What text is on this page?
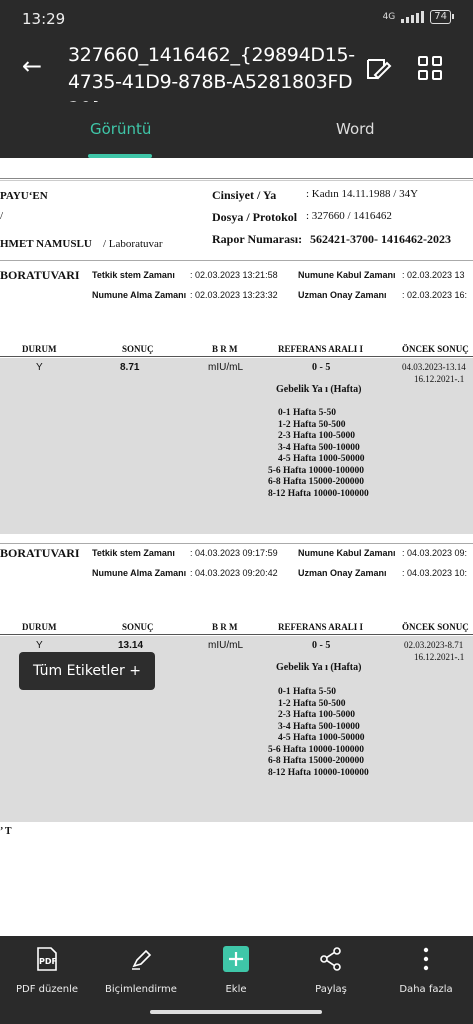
13:29	4G	74
← 327660_1416462_{29894D15-4735-41D9-878B-A5281803FD
Görüntü	Word
PAYU‘EN
/
HMET NAMUSLU / Laboratuvar
Cinsiyet / Ya	: Kadın 14.11.1988 / 34Y
Dosya / Protokol : 327660 / 1416462
Rapor Numarası: 562421-3700- 1416462-2023
BORATUVARI Tetkik stem Zamanı : 02.03.2023 13:21:58 Numune Kabul Zamanı : 02.03.2023 13
Numune Alma Zamanı : 02.03.2023 13:23:32 Uzman Onay Zamanı : 02.03.2023 16:
DURUM	SONUÇ	B R M	REFERANS ARALI I	ÖNCEK SONUÇ
Y	8.71	mIU/mL	0 - 5	04.03.2023-13.14
16.12.2021-.1
Gebelik Ya ı (Hafta)
0-1 Hafta 5-50
1-2 Hafta 50-500
2-3 Hafta 100-5000
3-4 Hafta 500-10000
4-5 Hafta 1000-50000
5-6 Hafta 10000-100000
6-8 Hafta 15000-200000
8-12 Hafta 10000-100000
BORATUVARI Tetkik stem Zamanı : 04.03.2023 09:17:59 Numune Kabul Zamanı : 04.03.2023 09:
Numune Alma Zamanı : 04.03.2023 09:20:42 Uzman Onay Zamanı : 04.03.2023 10:
DURUM	SONUÇ	B R M	REFERANS ARALI I	ÖNCEK SONUÇ
Y	13.14	mIU/mL	0 - 5	02.03.2023-8.71
16.12.2021-.1
Gebelik Ya ı (Hafta)
0-1 Hafta 5-50
1-2 Hafta 50-500
2-3 Hafta 100-5000
3-4 Hafta 500-10000
4-5 Hafta 1000-50000
5-6 Hafta 10000-100000
6-8 Hafta 15000-200000
8-12 Hafta 10000-100000
’ T
Tüm Etiketler +
PDF
PDF düzenle	Biçimlendirme	Ekle	Paylaş	Daha fazla
